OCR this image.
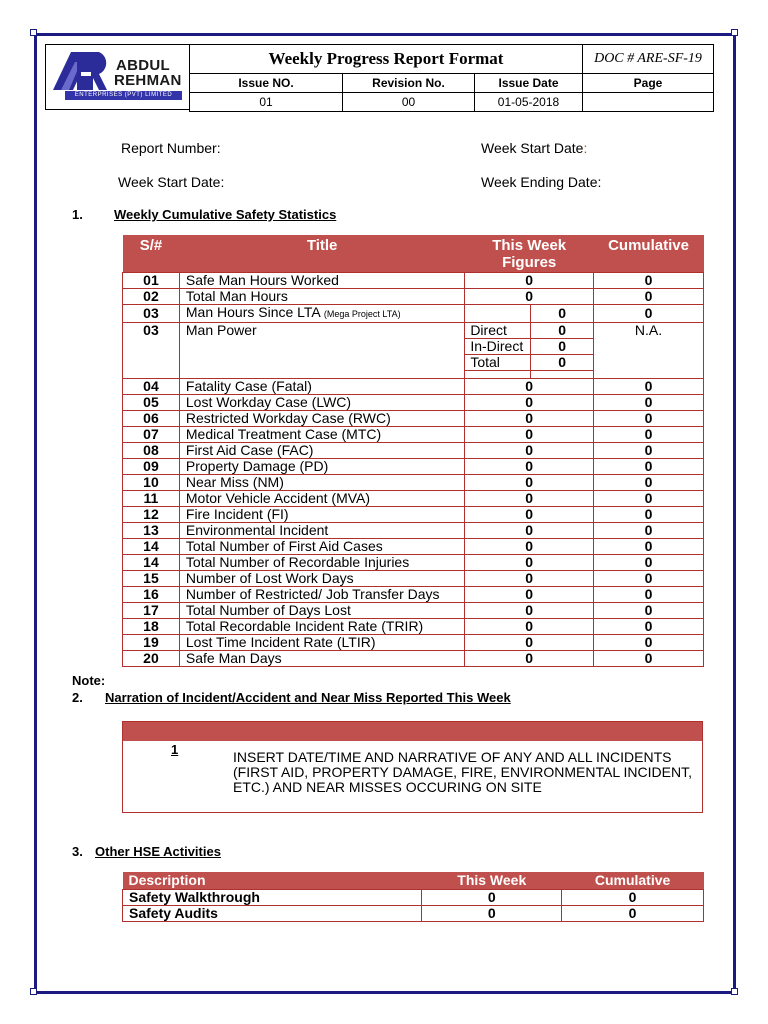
ABDUL
REHMAN
ENTERPRISES (PVT) LIMITED
Weekly Progress Report Format			DOC # ARE-SF-19
Issue NO.	Revision No.	Issue Date	Page
01	00	01-05-2018	
Report Number:	Week Start Date:
Week Start Date:	Week Ending Date:
1. Weekly Cumulative Safety Statistics
S/#	Title	This Week Figures		Cumulative
01	Safe Man Hours Worked	0		0
02	Total Man Hours	0		0
03	Man Hours Since LTA (Mega Project LTA)		0	0
03	Man Power	Direct	0	N.A.
		In-Direct	0	
		Total	0	

04	Fatality Case (Fatal)	0		0
05	Lost Workday Case (LWC)	0		0
06	Restricted Workday Case (RWC)	0		0
07	Medical Treatment Case (MTC)	0		0
08	First Aid Case (FAC)	0		0
09	Property Damage (PD)	0		0
10	Near Miss (NM)	0		0
11	Motor Vehicle Accident (MVA)	0		0
12	Fire Incident (FI)	0		0
13	Environmental Incident	0		0
14	Total Number of First Aid Cases	0		0
14	Total Number of Recordable Injuries	0		0
15	Number of Lost Work Days	0		0
16	Number of Restricted/ Job Transfer Days	0		0
17	Total Number of Days Lost	0		0
18	Total Recordable Incident Rate (TRIR)	0		0
19	Lost Time Incident Rate (LTIR)	0		0
20	Safe Man Days	0		0
Note:
2. Narration of Incident/Accident and Near Miss Reported This Week
1	INSERT DATE/TIME AND NARRATIVE OF ANY AND ALL INCIDENTS (FIRST AID, PROPERTY DAMAGE, FIRE, ENVIRONMENTAL INCIDENT, ETC.) AND NEAR MISSES OCCURING ON SITE
3. Other HSE Activities
Description	This Week	Cumulative
Safety Walkthrough	0	0
Safety Audits	0	0
